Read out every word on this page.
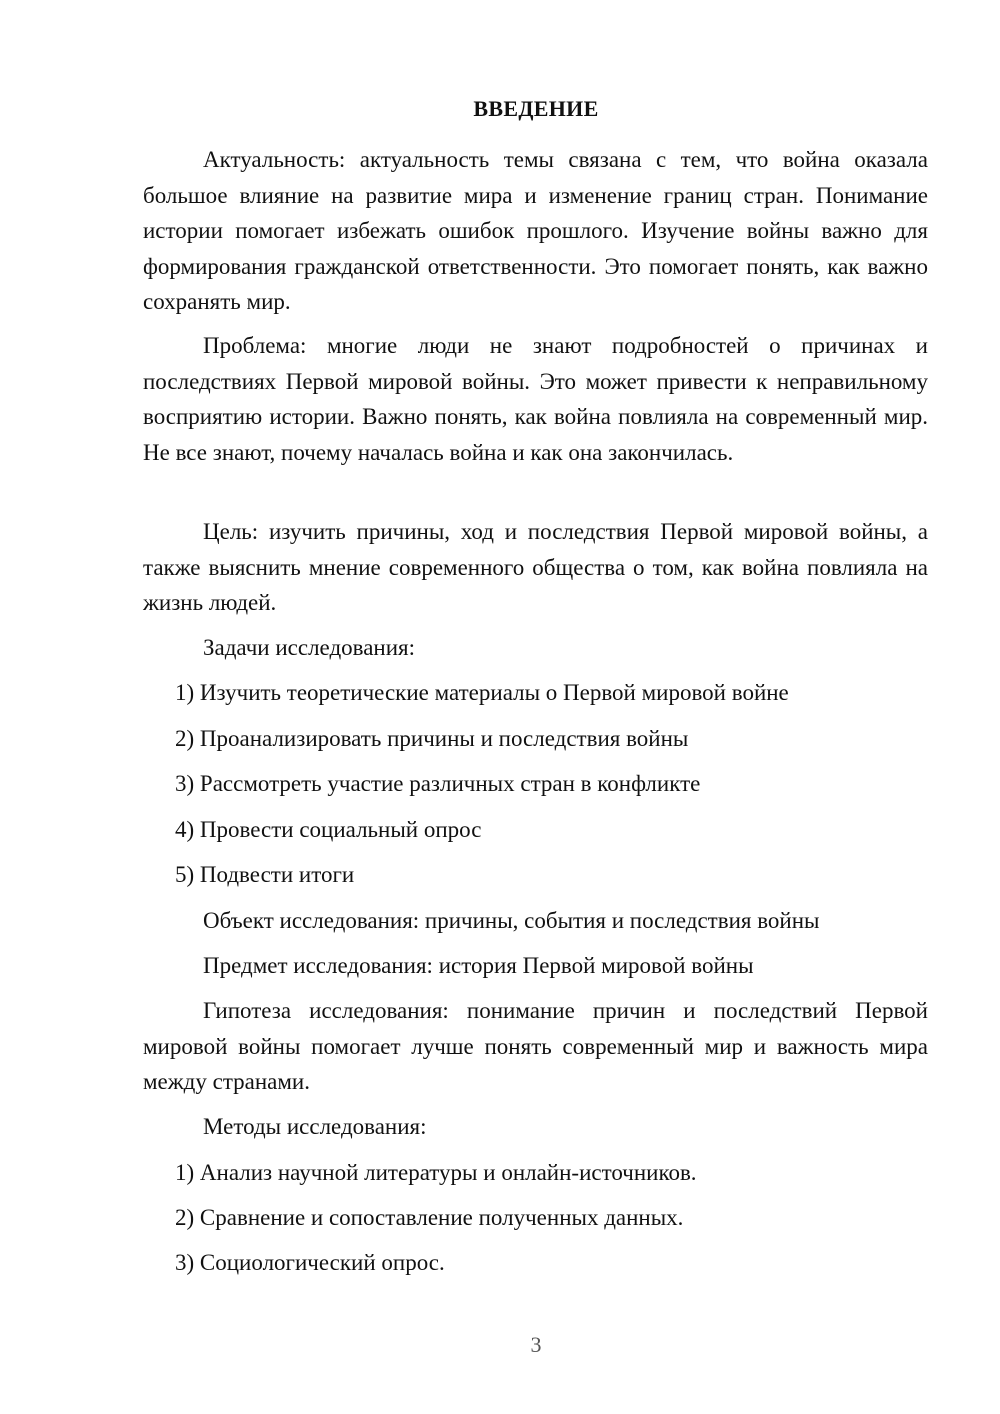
ВВЕДЕНИЕ

Актуальность: актуальность темы связана с тем, что война оказала большое влияние на развитие мира и изменение границ стран. Понимание истории помогает избежать ошибок прошлого. Изучение войны важно для формирования гражданской ответственности. Это помогает понять, как важно сохранять мир.

Проблема: многие люди не знают подробностей о причинах и последствиях Первой мировой войны. Это может привести к неправильному восприятию истории. Важно понять, как война повлияла на современный мир. Не все знают, почему началась война и как она закончилась.

Цель: изучить причины, ход и последствия Первой мировой войны, а также выяснить мнение современного общества о том, как война повлияла на жизнь людей.

Задачи исследования:

1) Изучить теоретические материалы о Первой мировой войне

2) Проанализировать причины и последствия войны

3) Рассмотреть участие различных стран в конфликте

4) Провести социальный опрос

5) Подвести итоги

Объект исследования: причины, события и последствия войны

Предмет исследования: история Первой мировой войны

Гипотеза исследования: понимание причин и последствий Первой мировой войны помогает лучше понять современный мир и важность мира между странами.

Методы исследования:

1) Анализ научной литературы и онлайн-источников.

2) Сравнение и сопоставление полученных данных.

3) Социологический опрос.

3
